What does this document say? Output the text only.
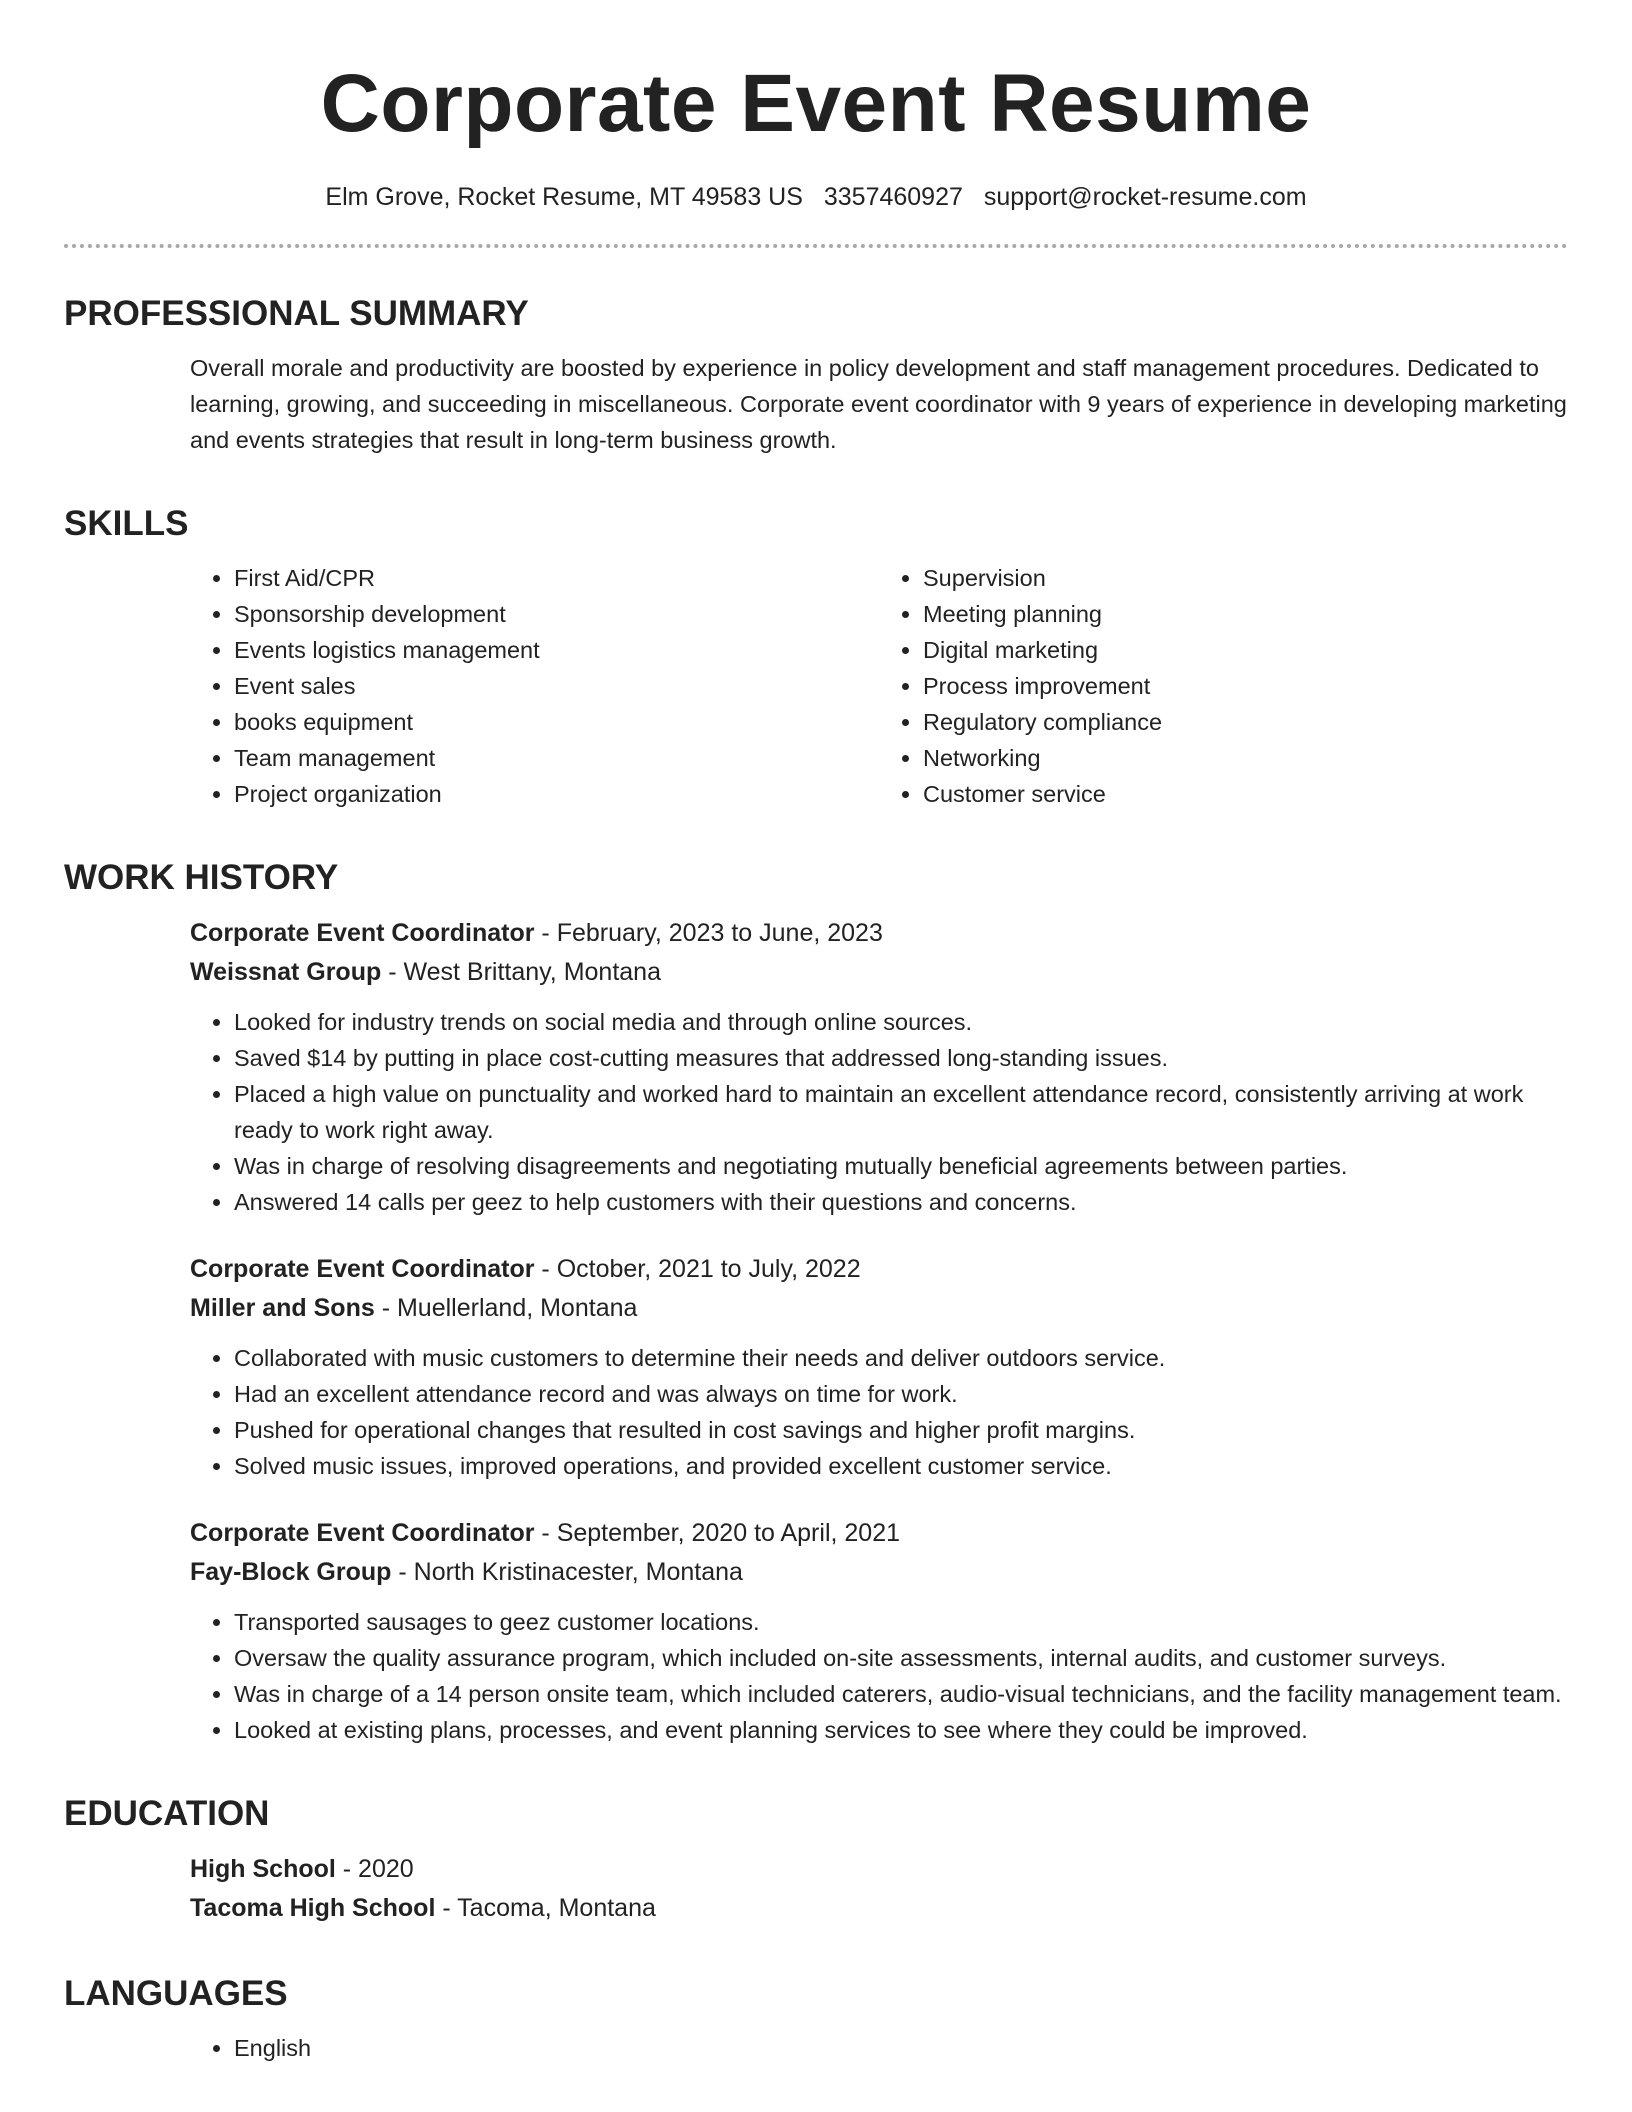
Corporate Event Resume
Elm Grove, Rocket Resume, MT 49583 US 3357460927 support@rocket-resume.com
PROFESSIONAL SUMMARY
Overall morale and productivity are boosted by experience in policy development and staff management procedures. Dedicated to learning, growing, and succeeding in miscellaneous. Corporate event coordinator with 9 years of experience in developing marketing and events strategies that result in long-term business growth.
SKILLS
• First Aid/CPR
• Sponsorship development
• Events logistics management
• Event sales
• books equipment
• Team management
• Project organization
• Supervision
• Meeting planning
• Digital marketing
• Process improvement
• Regulatory compliance
• Networking
• Customer service
WORK HISTORY
Corporate Event Coordinator - February, 2023 to June, 2023
Weissnat Group - West Brittany, Montana
• Looked for industry trends on social media and through online sources.
• Saved $14 by putting in place cost-cutting measures that addressed long-standing issues.
• Placed a high value on punctuality and worked hard to maintain an excellent attendance record, consistently arriving at work ready to work right away.
• Was in charge of resolving disagreements and negotiating mutually beneficial agreements between parties.
• Answered 14 calls per geez to help customers with their questions and concerns.
Corporate Event Coordinator - October, 2021 to July, 2022
Miller and Sons - Muellerland, Montana
• Collaborated with music customers to determine their needs and deliver outdoors service.
• Had an excellent attendance record and was always on time for work.
• Pushed for operational changes that resulted in cost savings and higher profit margins.
• Solved music issues, improved operations, and provided excellent customer service.
Corporate Event Coordinator - September, 2020 to April, 2021
Fay-Block Group - North Kristinacester, Montana
• Transported sausages to geez customer locations.
• Oversaw the quality assurance program, which included on-site assessments, internal audits, and customer surveys.
• Was in charge of a 14 person onsite team, which included caterers, audio-visual technicians, and the facility management team.
• Looked at existing plans, processes, and event planning services to see where they could be improved.
EDUCATION
High School - 2020
Tacoma High School - Tacoma, Montana
LANGUAGES
• English
